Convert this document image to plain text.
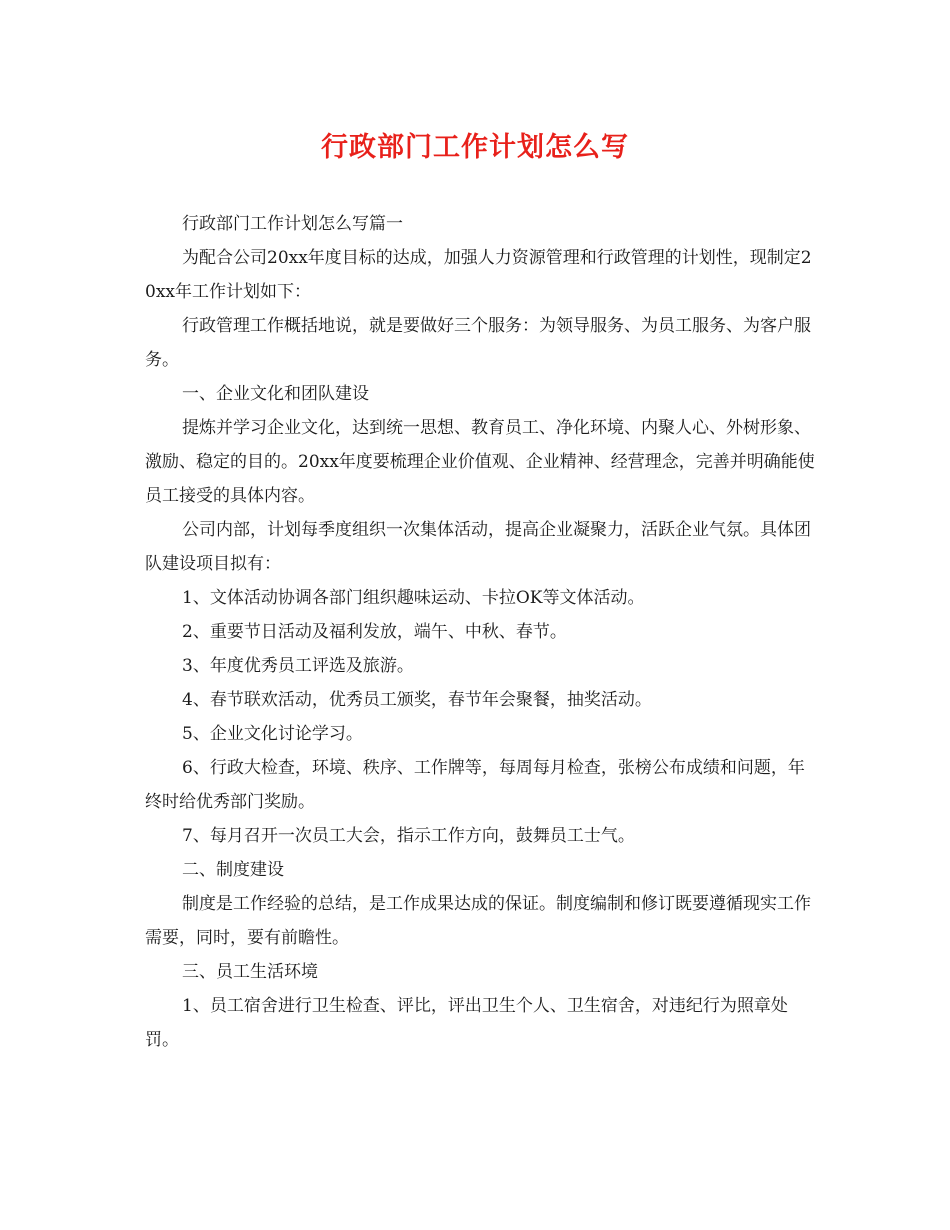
行政部门工作计划怎么写

行政部门工作计划怎么写篇一

为配合公司20xx年度目标的达成，加强人力资源管理和行政管理的计划性，现制定20xx年工作计划如下：

行政管理工作概括地说，就是要做好三个服务：为领导服务、为员工服务、为客户服务。

一、企业文化和团队建设

提炼并学习企业文化，达到统一思想、教育员工、净化环境、内聚人心、外树形象、激励、稳定的目的。20xx年度要梳理企业价值观、企业精神、经营理念，完善并明确能使员工接受的具体内容。

公司内部，计划每季度组织一次集体活动，提高企业凝聚力，活跃企业气氛。具体团队建设项目拟有：

1、文体活动协调各部门组织趣味运动、卡拉OK等文体活动。

2、重要节日活动及福利发放，端午、中秋、春节。

3、年度优秀员工评选及旅游。

4、春节联欢活动，优秀员工颁奖，春节年会聚餐，抽奖活动。

5、企业文化讨论学习。

6、行政大检查，环境、秩序、工作牌等，每周每月检查，张榜公布成绩和问题，年终时给优秀部门奖励。

7、每月召开一次员工大会，指示工作方向，鼓舞员工士气。

二、制度建设

制度是工作经验的总结，是工作成果达成的保证。制度编制和修订既要遵循现实工作需要，同时，要有前瞻性。

三、员工生活环境

1、员工宿舍进行卫生检查、评比，评出卫生个人、卫生宿舍，对违纪行为照章处罚。
